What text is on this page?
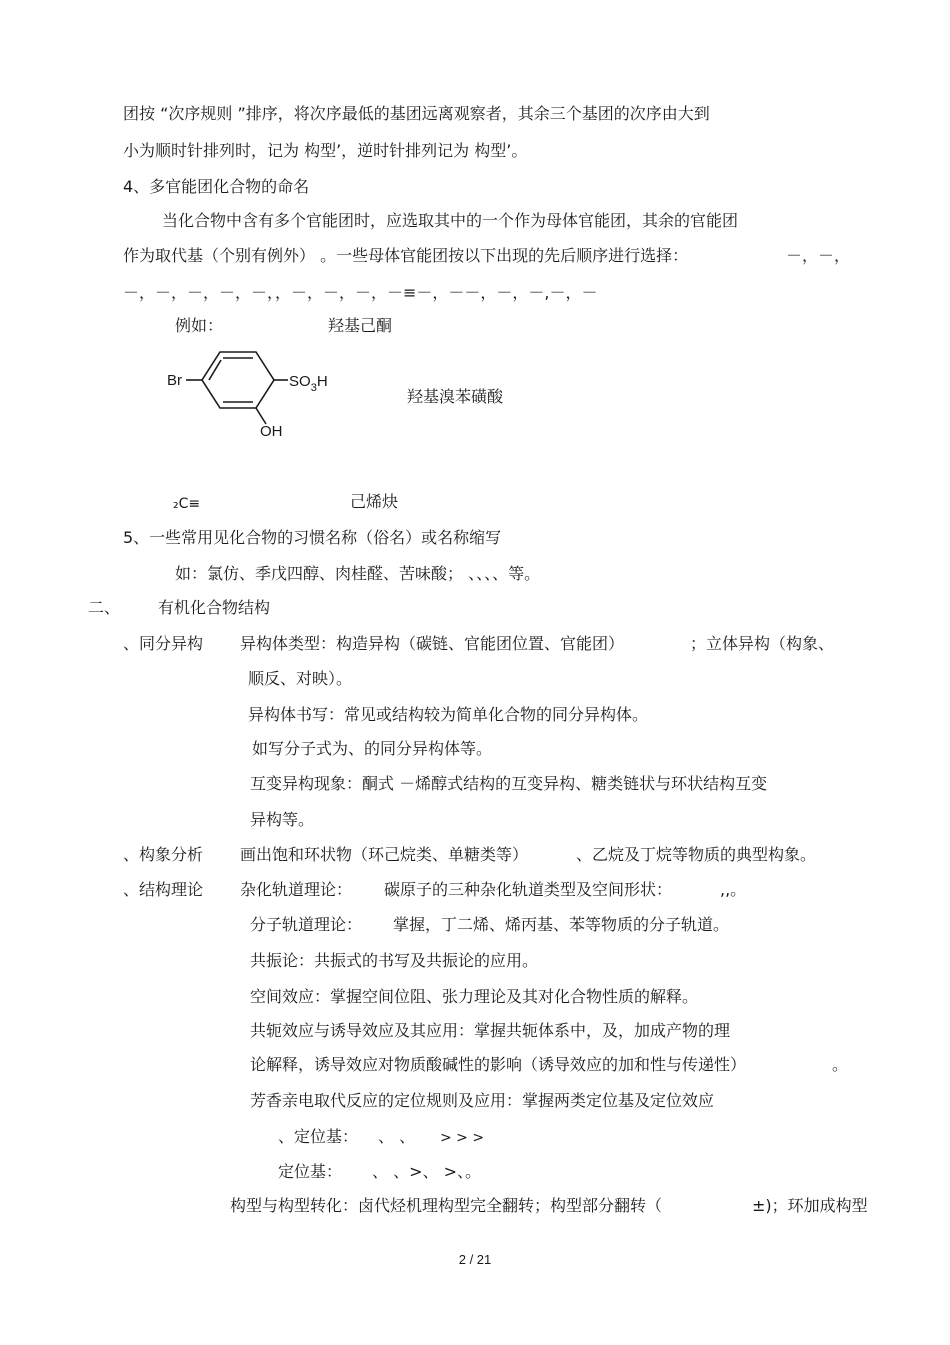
团按 “次序规则 ”排序，将次序最低的基团远离观察者，其余三个基团的次序由大到
小为顺时针排列时，记为 构型’，逆时针排列记为 构型’。
4、多官能团化合物的命名
当化合物中含有多个官能团时，应选取其中的一个作为母体官能团，其余的官能团
作为取代基（个别有例外） 。一些母体官能团按以下出现的先后顺序进行选择：	－，－，
－，－，－，－，－，，－，－，－，－≡－，－－，－，－,－，－
例如：	羟基己酮
Br	$SO_3H$
OH
羟基溴苯磺酸
₂C≡	己烯炔
5、一些常用见化合物的习惯名称（俗名）或名称缩写
如：氯仿、季戊四醇、肉桂醛、苦味酸； 、、、、等。
二、 有机化合物结构
、同分异构 异构体类型：构造异构（碳链、官能团位置、官能团）	；立体异构（构象、
顺反、对映）。
异构体书写：常见或结构较为简单化合物的同分异构体。
如写分子式为、的同分异构体等。
互变异构现象：酮式 －烯醇式结构的互变异构、糖类链状与环状结构互变
异构等。
、构象分析 画出饱和环状物（环己烷类、单糖类等）	、乙烷及丁烷等物质的典型构象。
、结构理论 杂化轨道理论： 碳原子的三种杂化轨道类型及空间形状：	,,。
分子轨道理论： 掌握，丁二烯、烯丙基、苯等物质的分子轨道。
共振论：共振式的书写及共振论的应用。
空间效应：掌握空间位阻、张力理论及其对化合物性质的解释。
共轭效应与诱导效应及其应用：掌握共轭体系中，及，加成产物的理
论解释，诱导效应对物质酸碱性的影响（诱导效应的加和性与传递性）	。
芳香亲电取代反应的定位规则及应用：掌握两类定位基及定位效应
、定位基： 、 、 > > >
定位基： 、 、>、 >、。
构型与构型转化：卤代烃机理构型完全翻转；构型部分翻转（	±)；环加成构型
2 / 21
